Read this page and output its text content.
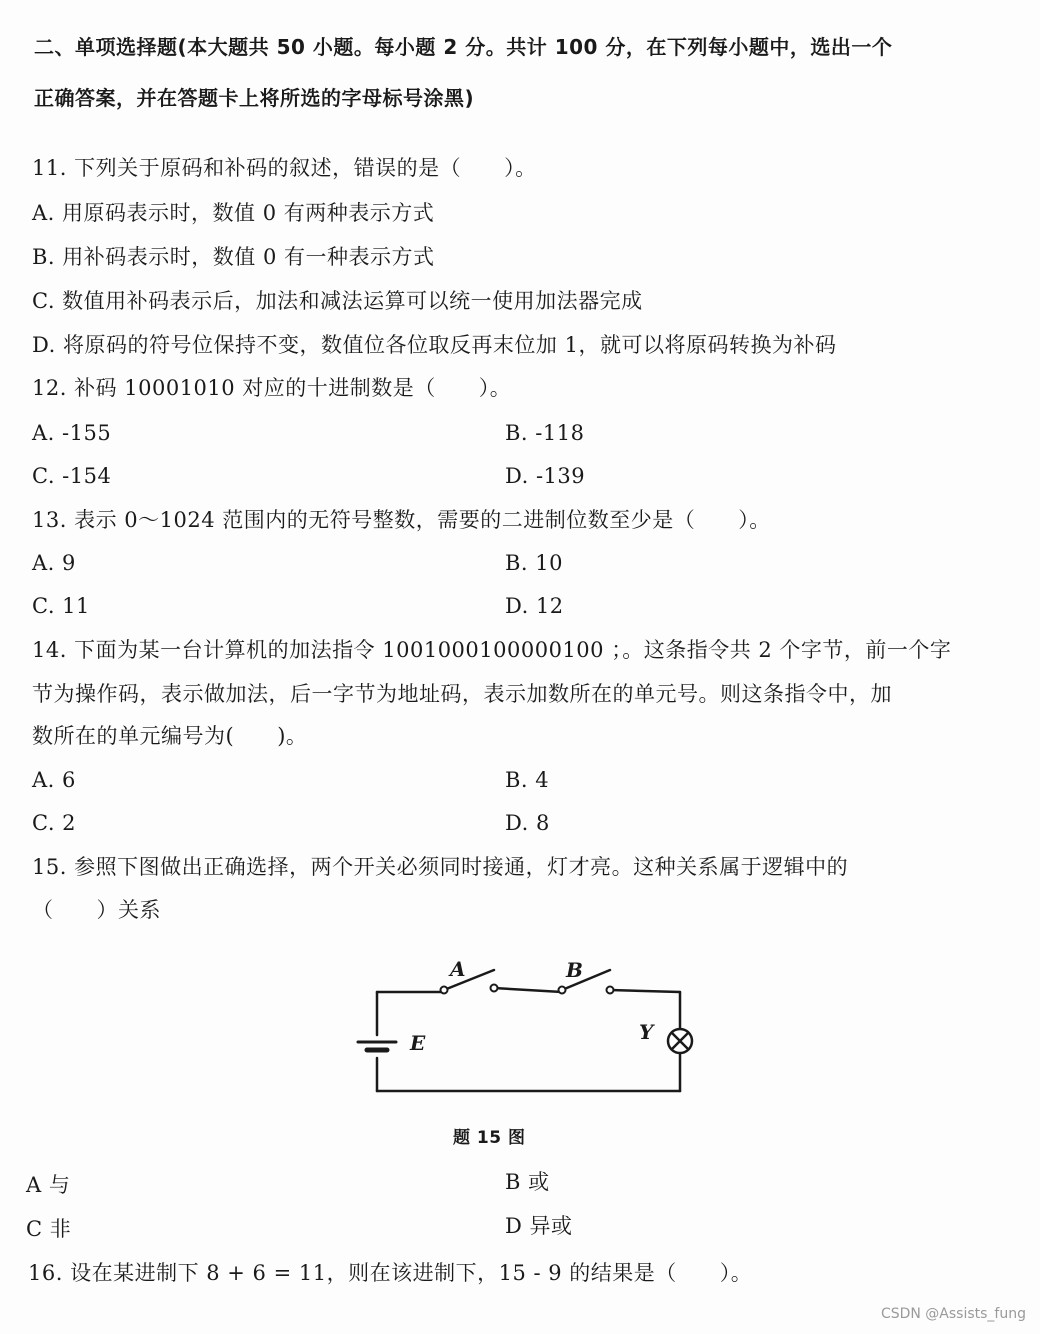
二、单项选择题(本大题共 50 小题。每小题 2 分。共计 100 分，在下列每小题中，选出一个
正确答案，并在答题卡上将所选的字母标号涂黑)
11. 下列关于原码和补码的叙述，错误的是（　　）。
A. 用原码表示时，数值 0 有两种表示方式
B. 用补码表示时，数值 0 有一种表示方式
C. 数值用补码表示后，加法和减法运算可以统一使用加法器完成
D. 将原码的符号位保持不变，数值位各位取反再末位加 1，就可以将原码转换为补码
12. 补码 10001010 对应的十进制数是（　　）。
A. -155	B. -118
C. -154	D. -139
13. 表示 0～1024 范围内的无符号整数，需要的二进制位数至少是（　　）。
A. 9	B. 10
C. 11	D. 12
14. 下面为某一台计算机的加法指令 1001000100000100 ；。这条指令共 2 个字节，前一个字
节为操作码，表示做加法，后一字节为地址码，表示加数所在的单元号。则这条指令中，加
数所在的单元编号为(　　)。
A. 6	B. 4
C. 2	D. 8
15. 参照下图做出正确选择，两个开关必须同时接通，灯才亮。这种关系属于逻辑中的
（　　）关系
A	B
E	Y
题 15 图
A 与	B 或
C 非	D 异或
16. 设在某进制下 8 + 6 = 11，则在该进制下，15 - 9 的结果是（　　）。
CSDN @Assists_fung
